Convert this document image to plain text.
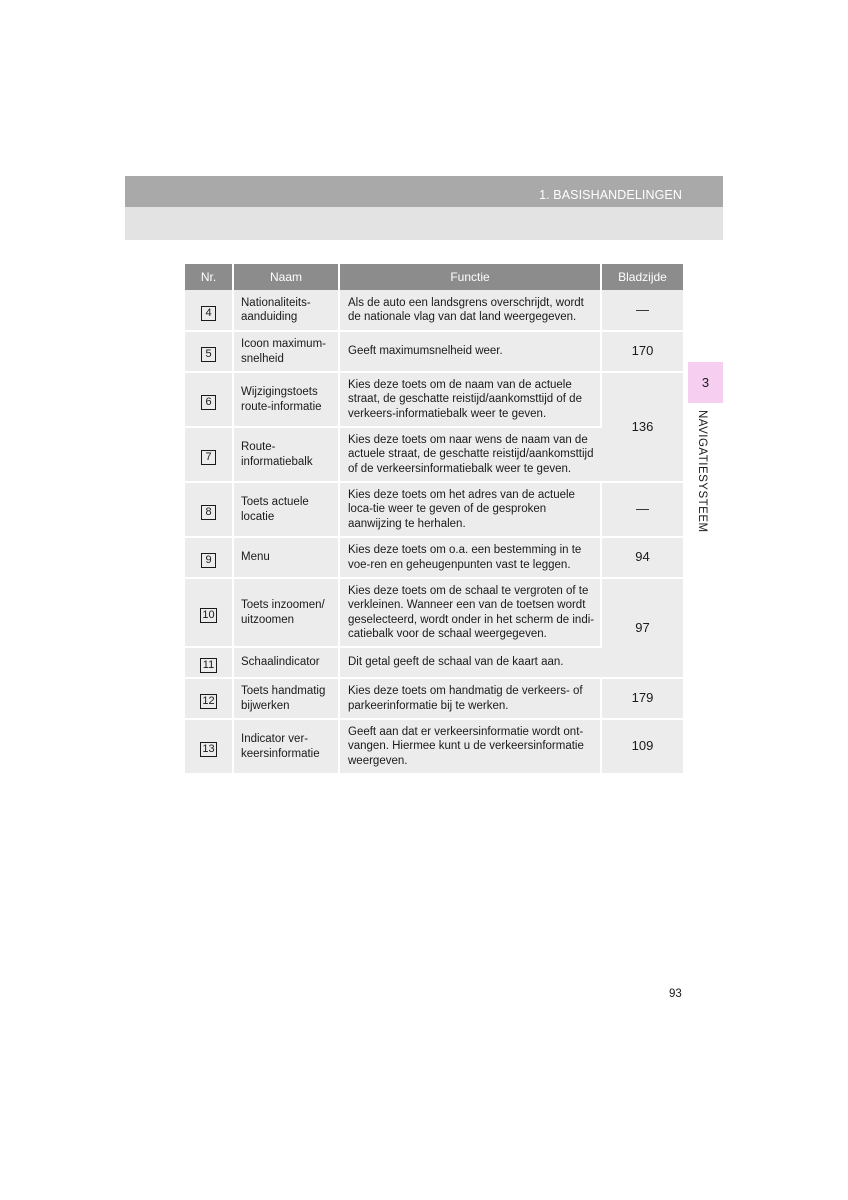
1. BASISHANDELINGEN
3
NAVIGATIESYSTEEM
Nr.	Naam	Functie	Bladzijde
4	Nationaliteits-aanduiding	Als de auto een landsgrens overschrijdt, wordt de nationale vlag van dat land weergegeven.	—
5	Icoon maximum-snelheid	Geeft maximumsnelheid weer.	170
6	Wijzigingstoets route-informatie	Kies deze toets om de naam van de actuele straat, de geschatte reistijd/aankomsttijd of de verkeers-informatiebalk weer te geven.	136
7	Route-informatiebalk	Kies deze toets om naar wens de naam van de actuele straat, de geschatte reistijd/aankomsttijd of de verkeersinformatiebalk weer te geven.	
8	Toets actuele locatie	Kies deze toets om het adres van de actuele loca-tie weer te geven of de gesproken aanwijzing te herhalen.	—
9	Menu	Kies deze toets om o.a. een bestemming in te voe-ren en geheugenpunten vast te leggen.	94
10	Toets inzoomen/ uitzoomen	Kies deze toets om de schaal te vergroten of te verkleinen. Wanneer een van de toetsen wordt geselecteerd, wordt onder in het scherm de indi-catiebalk voor de schaal weergegeven.	97
11	Schaalindicator	Dit getal geeft de schaal van de kaart aan.	
12	Toets handmatig bijwerken	Kies deze toets om handmatig de verkeers- of parkeerinformatie bij te werken.	179
13	Indicator ver-keersinformatie	Geeft aan dat er verkeersinformatie wordt ont-vangen. Hiermee kunt u de verkeersinformatie weergeven.	109
93
